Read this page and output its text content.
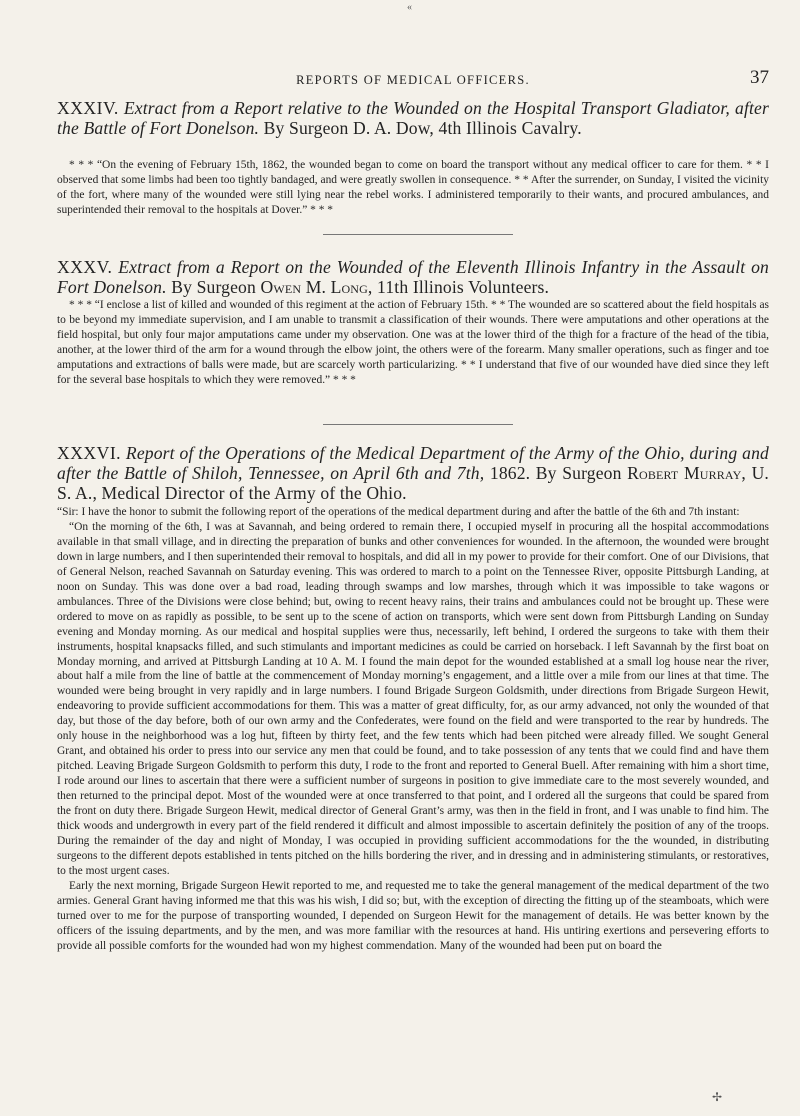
«
REPORTS OF MEDICAL OFFICERS.	37
XXXIV. Extract from a Report relative to the Wounded on the Hospital Transport Gladiator, after the Battle of Fort Donelson. By Surgeon D. A. Dow, 4th Illinois Cavalry.

* * * “On the evening of February 15th, 1862, the wounded began to come on board the transport without any medical officer to care for them. * * I observed that some limbs had been too tightly bandaged, and were greatly swollen in consequence. * * After the surrender, on Sunday, I visited the vicinity of the fort, where many of the wounded were still lying near the rebel works. I administered temporarily to their wants, and procured ambulances, and superintended their removal to the hospitals at Dover.” * * *

XXXV. Extract from a Report on the Wounded of the Eleventh Illinois Infantry in the Assault on Fort Donelson. By Surgeon Owen M. Long, 11th Illinois Volunteers.

* * * “I enclose a list of killed and wounded of this regiment at the action of February 15th. * * The wounded are so scattered about the field hospitals as to be beyond my immediate supervision, and I am unable to transmit a classification of their wounds. There were amputations and other operations at the field hospital, but only four major amputations came under my observation. One was at the lower third of the thigh for a fracture of the head of the tibia, another, at the lower third of the arm for a wound through the elbow joint, the others were of the forearm. Many smaller operations, such as finger and toe amputations and extractions of balls were made, but are scarcely worth particularizing. * * I understand that five of our wounded have died since they left for the several base hospitals to which they were removed.” * * *

XXXVI. Report of the Operations of the Medical Department of the Army of the Ohio, during and after the Battle of Shiloh, Tennessee, on April 6th and 7th, 1862. By Surgeon Robert Murray, U. S. A., Medical Director of the Army of the Ohio.

“Sir: I have the honor to submit the following report of the operations of the medical department during and after the battle of the 6th and 7th instant:

“On the morning of the 6th, I was at Savannah, and being ordered to remain there, I occupied myself in procuring all the hospital accommodations available in that small village, and in directing the preparation of bunks and other conveniences for wounded. In the afternoon, the wounded were brought down in large numbers, and I then superintended their removal to hospitals, and did all in my power to provide for their comfort. One of our Divisions, that of General Nelson, reached Savannah on Saturday evening. This was ordered to march to a point on the Tennessee River, opposite Pittsburgh Landing, at noon on Sunday. This was done over a bad road, leading through swamps and low marshes, through which it was impossible to take wagons or ambulances. Three of the Divisions were close behind; but, owing to recent heavy rains, their trains and ambulances could not be brought up. These were ordered to move on as rapidly as possible, to be sent up to the scene of action on transports, which were sent down from Pittsburgh Landing on Sunday evening and Monday morning. As our medical and hospital supplies were thus, necessarily, left behind, I ordered the surgeons to take with them their instruments, hospital knapsacks filled, and such stimulants and important medicines as could be carried on horseback. I left Savannah by the first boat on Monday morning, and arrived at Pittsburgh Landing at 10 A. M. I found the main depot for the wounded established at a small log house near the river, about half a mile from the line of battle at the commencement of Monday morning’s engagement, and a little over a mile from our lines at that time. The wounded were being brought in very rapidly and in large numbers. I found Brigade Surgeon Goldsmith, under directions from Brigade Surgeon Hewit, endeavoring to provide sufficient accommodations for them. This was a matter of great difficulty, for, as our army advanced, not only the wounded of that day, but those of the day before, both of our own army and the Confederates, were found on the field and were transported to the rear by hundreds. The only house in the neighborhood was a log hut, fifteen by thirty feet, and the few tents which had been pitched were already filled. We sought General Grant, and obtained his order to press into our service any men that could be found, and to take possession of any tents that we could find and have them pitched. Leaving Brigade Surgeon Goldsmith to perform this duty, I rode to the front and reported to General Buell. After remaining with him a short time, I rode around our lines to ascertain that there were a sufficient number of surgeons in position to give immediate care to the most severely wounded, and then returned to the principal depot. Most of the wounded were at once transferred to that point, and I ordered all the surgeons that could be spared from the front on duty there. Brigade Surgeon Hewit, medical director of General Grant’s army, was then in the field in front, and I was unable to find him. The thick woods and undergrowth in every part of the field rendered it difficult and almost impossible to ascertain definitely the position of any of the troops. During the remainder of the day and night of Monday, I was occupied in providing sufficient accommodations for the the wounded, in distributing surgeons to the different depots established in tents pitched on the hills bordering the river, and in dressing and in administering stimulants, or restoratives, to the most urgent cases.

Early the next morning, Brigade Surgeon Hewit reported to me, and requested me to take the general management of the medical department of the two armies. General Grant having informed me that this was his wish, I did so; but, with the exception of directing the fitting up of the steamboats, which were turned over to me for the purpose of transporting wounded, I depended on Surgeon Hewit for the management of details. He was better known by the officers of the issuing departments, and by the men, and was more familiar with the resources at hand. His untiring exertions and persevering efforts to provide all possible comforts for the wounded had won my highest commendation. Many of the wounded had been put on board the

✢
